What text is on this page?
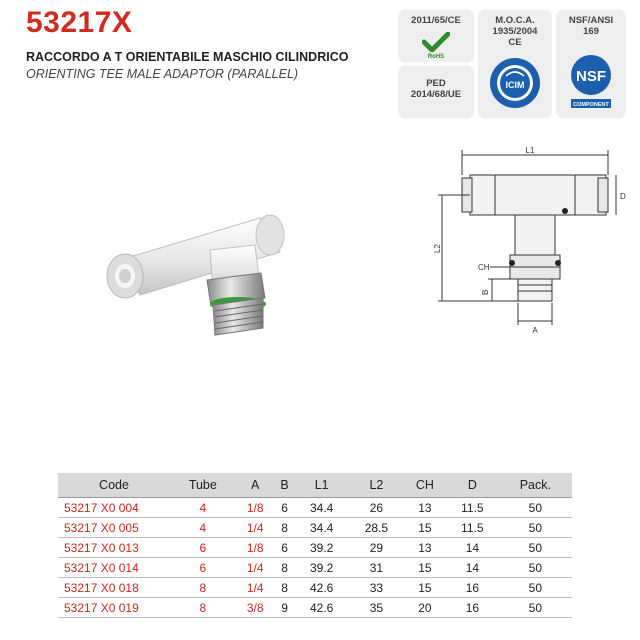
53217X
RACCORDO A T ORIENTABILE MASCHIO CILINDRICO
ORIENTING TEE MALE ADAPTOR (PARALLEL)
2011/65/CE
RoHS
PED
2014/68/UE
M.O.C.A.
1935/2004
CE
ICIM
NSF/ANSI
169
NSF
COMPONENT
L1
D
L2
CH
B
A
Code	Tube	A	B	L1	L2	CH	D	Pack.
53217 X0 004	4	1/8	6	34.4	26	13	11.5	50
53217 X0 005	4	1/4	8	34.4	28.5	15	11.5	50
53217 X0 013	6	1/8	6	39.2	29	13	14	50
53217 X0 014	6	1/4	8	39.2	31	15	14	50
53217 X0 018	8	1/4	8	42.6	33	15	16	50
53217 X0 019	8	3/8	9	42.6	35	20	16	50
